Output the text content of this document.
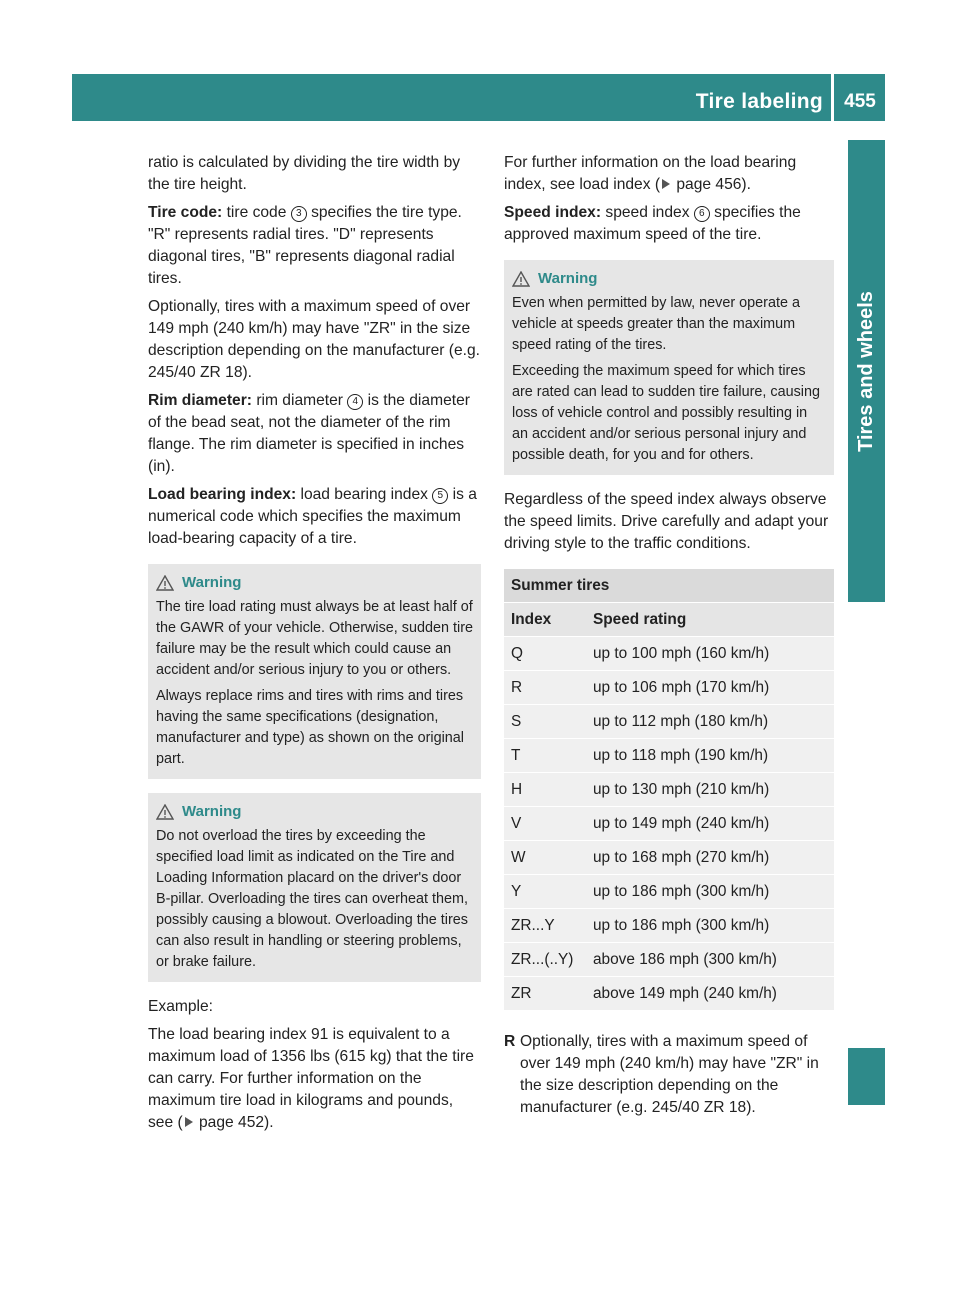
Tire labeling	455
Tires and wheels

ratio is calculated by dividing the tire width by the tire height.

Tire code: tire code 3 specifies the tire type. "R" represents radial tires. "D" represents diagonal tires, "B" represents diagonal radial tires.

Optionally, tires with a maximum speed of over 149 mph (240 km/h) may have "ZR" in the size description depending on the manufacturer (e.g. 245/40 ZR 18).

Rim diameter: rim diameter 4 is the diameter of the bead seat, not the diameter of the rim flange. The rim diameter is specified in inches (in).

Load bearing index: load bearing index 5 is a numerical code which specifies the maximum load-bearing capacity of a tire.

Warning

The tire load rating must always be at least half of the GAWR of your vehicle. Otherwise, sudden tire failure may be the result which could cause an accident and/or serious injury to you or others.

Always replace rims and tires with rims and tires having the same specifications (designation, manufacturer and type) as shown on the original part.

Warning

Do not overload the tires by exceeding the specified load limit as indicated on the Tire and Loading Information placard on the driver's door B-pillar. Overloading the tires can overheat them, possibly causing a blowout. Overloading the tires can also result in handling or steering problems, or brake failure.

Example:

The load bearing index 91 is equivalent to a maximum load of 1356 lbs (615 kg) that the tire can carry. For further information on the maximum tire load in kilograms and pounds, see ( page 452).

For further information on the load bearing index, see load index ( page 456).

Speed index: speed index 6 specifies the approved maximum speed of the tire.

Warning

Even when permitted by law, never operate a vehicle at speeds greater than the maximum speed rating of the tires.

Exceeding the maximum speed for which tires are rated can lead to sudden tire failure, causing loss of vehicle control and possibly resulting in an accident and/or serious personal injury and possible death, for you and for others.

Regardless of the speed index always observe the speed limits. Drive carefully and adapt your driving style to the traffic conditions.

Summer tires	
Index	Speed rating
Q	up to 100 mph (160 km/h)
R	up to 106 mph (170 km/h)
S	up to 112 mph (180 km/h)
T	up to 118 mph (190 km/h)
H	up to 130 mph (210 km/h)
V	up to 149 mph (240 km/h)
W	up to 168 mph (270 km/h)
Y	up to 186 mph (300 km/h)
ZR...Y	up to 186 mph (300 km/h)
ZR...(..Y)	above 186 mph (300 km/h)
ZR	above 149 mph (240 km/h)
R Optionally, tires with a maximum speed of over 149 mph (240 km/h) may have "ZR" in the size description depending on the manufacturer (e.g. 245/40 ZR 18).
